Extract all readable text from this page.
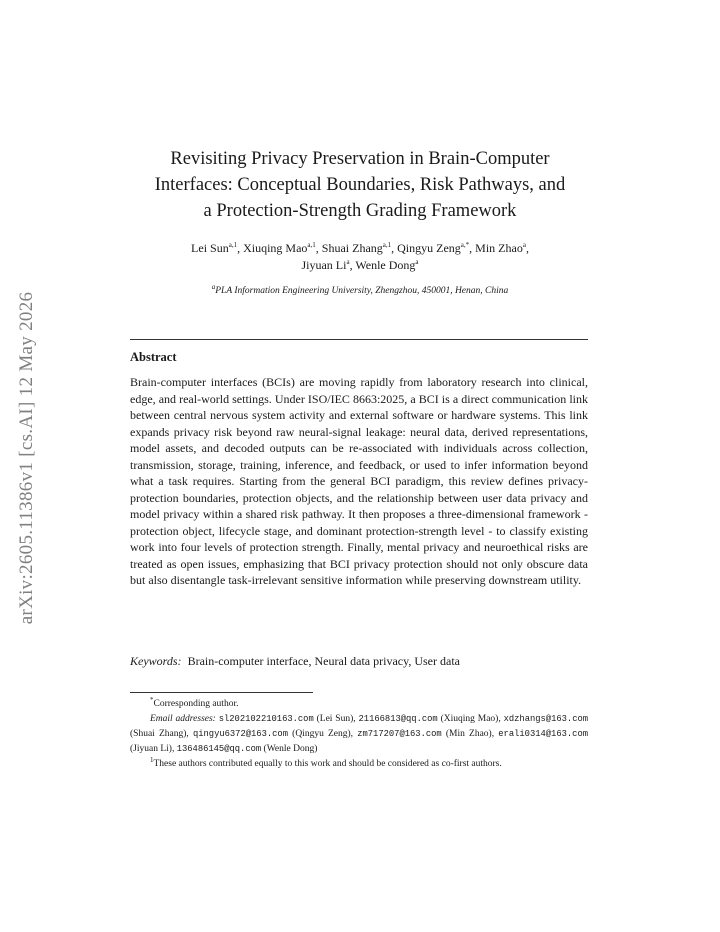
arXiv:2605.11386v1 [cs.AI] 12 May 2026
Revisiting Privacy Preservation in Brain-Computer
Interfaces: Conceptual Boundaries, Risk Pathways, and
a Protection-Strength Grading Framework
Lei Sun$^{a,1}$, Xiuqing Mao$^{a,1}$, Shuai Zhang$^{a,1}$, Qingyu Zeng$^{a,*}$, Min Zhao$^a$,
Jiyuan Li$^a$, Wenle Dong$^a$
$^a$PLA Information Engineering University, Zhengzhou, 450001, Henan, China
Abstract
Brain-computer interfaces (BCIs) are moving rapidly from laboratory research into clinical, edge, and real-world settings. Under ISO/IEC 8663:2025, a BCI is a direct communication link between central nervous system activity and external software or hardware systems. This link expands privacy risk beyond raw neural-signal leakage: neural data, derived representations, model assets, and decoded outputs can be re-associated with individuals across collection, transmission, storage, training, inference, and feedback, or used to infer information beyond what a task requires. Starting from the general BCI paradigm, this review defines privacy-protection boundaries, protection objects, and the relationship between user data privacy and model privacy within a shared risk pathway. It then proposes a three-dimensional framework - protection object, lifecycle stage, and dominant protection-strength level - to classify existing work into four levels of protection strength. Finally, mental privacy and neuroethical risks are treated as open issues, emphasizing that BCI privacy protection should not only obscure data but also disentangle task-irrelevant sensitive information while preserving downstream utility.
Keywords: Brain-computer interface, Neural data privacy, User data
*Corresponding author.
Email addresses: sl202102210163.com (Lei Sun), 21166813@qq.com (Xiuqing Mao), xdzhangs@163.com (Shuai Zhang), qingyu6372@163.com (Qingyu Zeng), zm717207@163.com (Min Zhao), erali0314@163.com (Jiyuan Li), 136486145@qq.com (Wenle Dong)
$^1$These authors contributed equally to this work and should be considered as co-first authors.
